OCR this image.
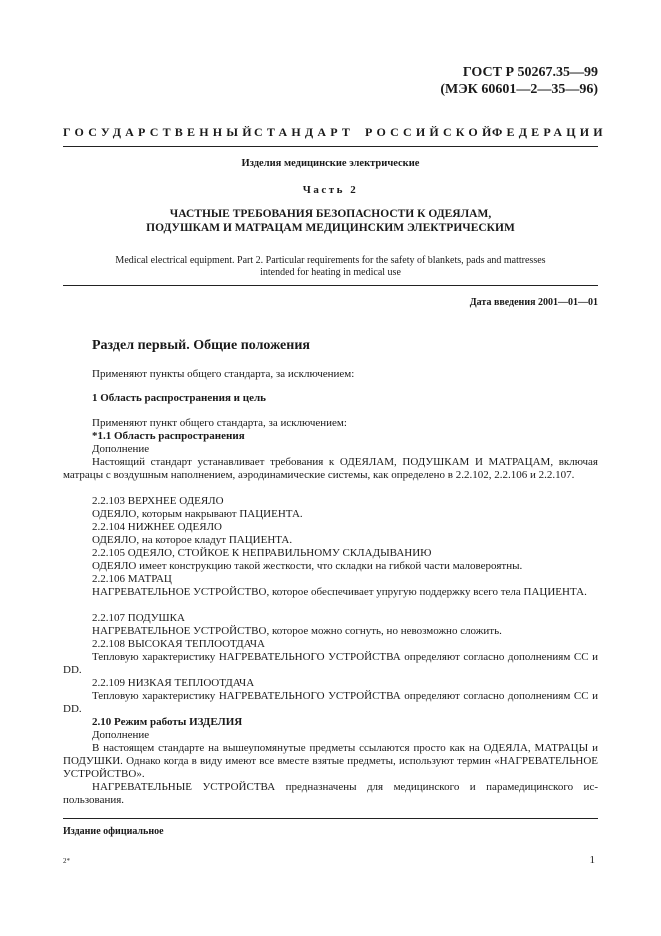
ГОСТ Р 50267.35—99
(МЭК 60601—2—35—96)
ГОСУДАРСТВЕННЫЙ
СТАНДАРТ РОССИЙСКОЙ
ФЕДЕРАЦИИ
Изделия медицинские электрические
Часть 2
ЧАСТНЫЕ ТРЕБОВАНИЯ БЕЗОПАСНОСТИ К ОДЕЯЛАМ,
ПОДУШКАМ И МАТРАЦАМ МЕДИЦИНСКИМ ЭЛЕКТРИЧЕСКИМ
Medical electrical equipment. Part 2. Particular requirements for the safety of blankets, pads and mattresses
intended for heating in medical use
Дата введения 2001—01—01
Раздел первый. Общие положения
Применяют пункты общего стандарта, за исключением:
1 Область распространения и цель
Применяют пункт общего стандарта, за исключением:
*1.1 Область распространения
Дополнение
Настоящий стандарт устанавливает требования к ОДЕЯЛАМ, ПОДУШКАМ И МАТРАЦАМ, включая матрацы с воздушным наполнением, аэродинамические системы, как определено в 2.2.102, 2.2.106 и 2.2.107.
2.2.103 ВЕРХНЕЕ ОДЕЯЛО
ОДЕЯЛО, которым накрывают ПАЦИЕНТА.
2.2.104 НИЖНЕЕ ОДЕЯЛО
ОДЕЯЛО, на которое кладут ПАЦИЕНТА.
2.2.105 ОДЕЯЛО, СТОЙКОЕ К НЕПРАВИЛЬНОМУ СКЛАДЫВАНИЮ
ОДЕЯЛО имеет конструкцию такой жесткости, что складки на гибкой части маловероятны.
2.2.106 МАТРАЦ
НАГРЕВАТЕЛЬНОЕ УСТРОЙСТВО, которое обеспечивает упругую поддержку всего тела ПАЦИЕНТА.
2.2.107 ПОДУШКА
НАГРЕВАТЕЛЬНОЕ УСТРОЙСТВО, которое можно согнуть, но невозможно сложить.
2.2.108 ВЫСОКАЯ ТЕПЛООТДАЧА
Тепловую характеристику НАГРЕВАТЕЛЬНОГО УСТРОЙСТВА определяют согласно дополнениям СС и DD.
2.2.109 НИЗКАЯ ТЕПЛООТДАЧА
Тепловую характеристику НАГРЕВАТЕЛЬНОГО УСТРОЙСТВА определяют согласно дополнениям СС и DD.
2.10 Режим работы ИЗДЕЛИЯ
Дополнение
В настоящем стандарте на вышеупомянутые предметы ссылаются просто как на ОДЕЯЛА, МАТРАЦЫ и ПОДУШКИ. Однако когда в виду имеют все вместе взятые предметы, используют термин «НАГРЕВАТЕЛЬНОЕ УСТРОЙСТВО».
НАГРЕВАТЕЛЬНЫЕ УСТРОЙСТВА предназначены для медицинского и парамедицинского использования.
Издание официальное
2*	1
